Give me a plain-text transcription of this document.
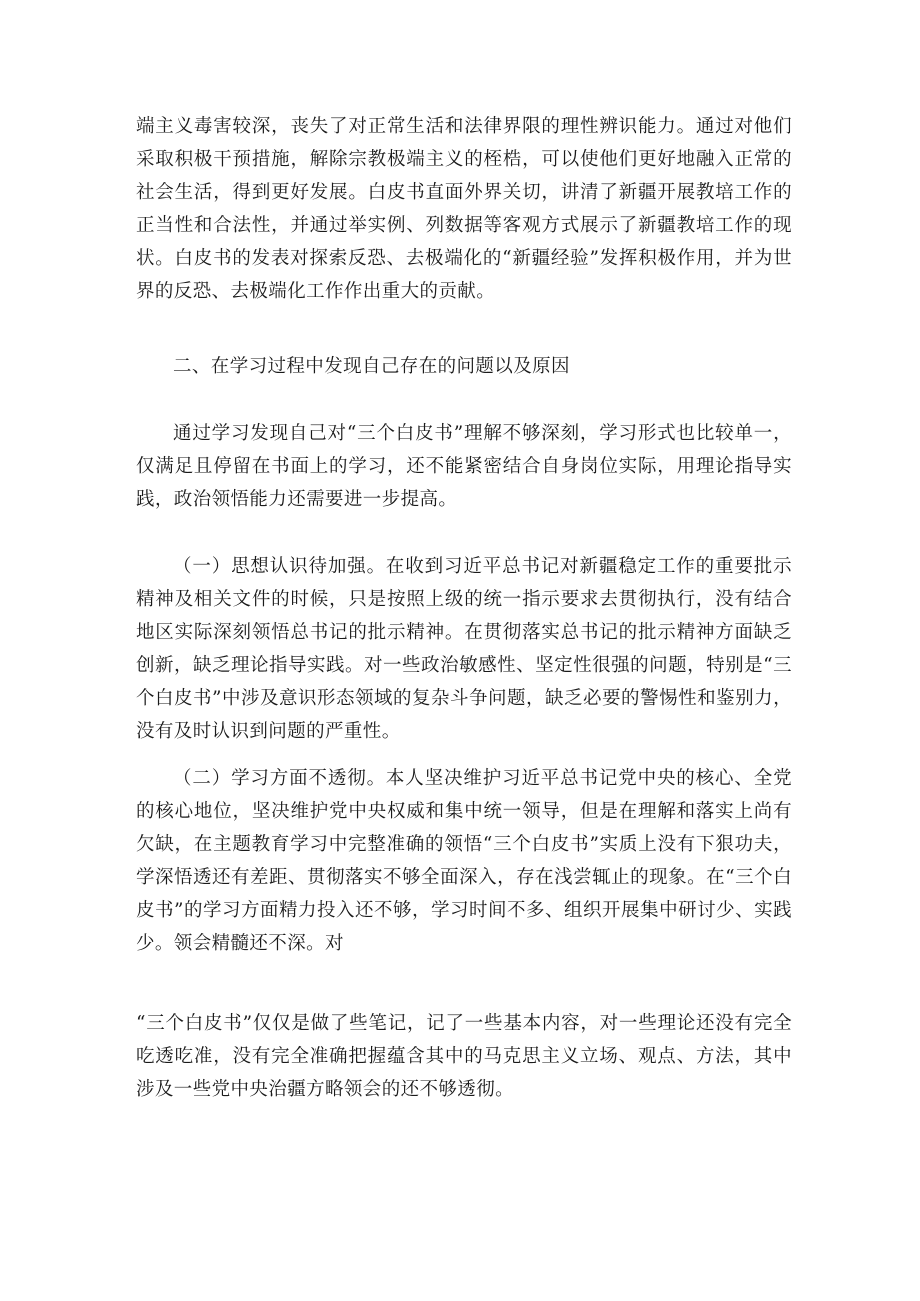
端主义毒害较深，丧失了对正常生活和法律界限的理性辨识能力。通过对他们采取积极干预措施，解除宗教极端主义的桎梏，可以使他们更好地融入正常的社会生活，得到更好发展。白皮书直面外界关切，讲清了新疆开展教培工作的正当性和合法性，并通过举实例、列数据等客观方式展示了新疆教培工作的现状。白皮书的发表对探索反恐、去极端化的“新疆经验”发挥积极作用，并为世界的反恐、去极端化工作作出重大的贡献。

二、在学习过程中发现自己存在的问题以及原因

通过学习发现自己对“三个白皮书”理解不够深刻，学习形式也比较单一，仅满足且停留在书面上的学习，还不能紧密结合自身岗位实际，用理论指导实践，政治领悟能力还需要进一步提高。

（一）思想认识待加强。在收到习近平总书记对新疆稳定工作的重要批示精神及相关文件的时候，只是按照上级的统一指示要求去贯彻执行，没有结合地区实际深刻领悟总书记的批示精神。在贯彻落实总书记的批示精神方面缺乏创新，缺乏理论指导实践。对一些政治敏感性、坚定性很强的问题，特别是“三个白皮书”中涉及意识形态领域的复杂斗争问题，缺乏必要的警惕性和鉴别力，没有及时认识到问题的严重性。

（二）学习方面不透彻。本人坚决维护习近平总书记党中央的核心、全党的核心地位，坚决维护党中央权威和集中统一领导，但是在理解和落实上尚有欠缺，在主题教育学习中完整准确的领悟“三个白皮书”实质上没有下狠功夫，学深悟透还有差距、贯彻落实不够全面深入，存在浅尝辄止的现象。在“三个白皮书”的学习方面精力投入还不够，学习时间不多、组织开展集中研讨少、实践少。领会精髓还不深。对

“三个白皮书”仅仅是做了些笔记，记了一些基本内容，对一些理论还没有完全吃透吃准，没有完全准确把握蕴含其中的马克思主义立场、观点、方法，其中涉及一些党中央治疆方略领会的还不够透彻。
